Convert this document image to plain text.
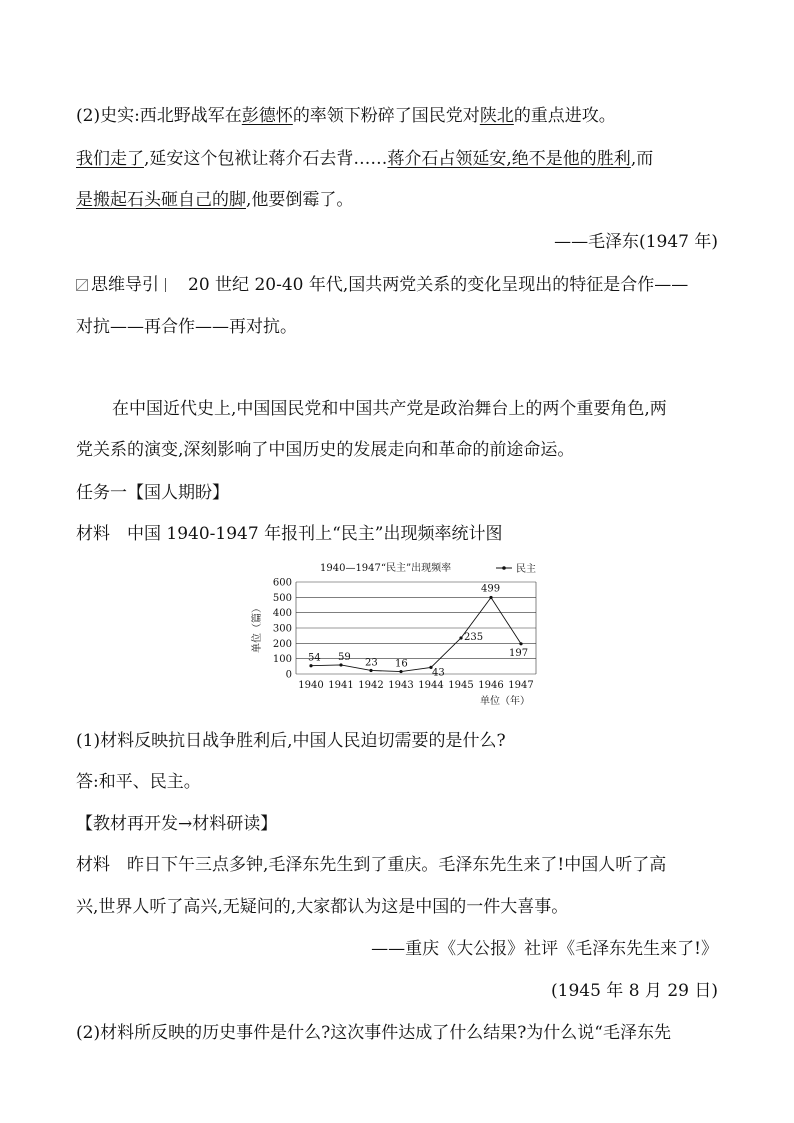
(2)史实:西北野战军在彭德怀的率领下粉碎了国民党对陕北的重点进攻。
我们走了,延安这个包袱让蒋介石去背……蒋介石占领延安,绝不是他的胜利,而
是搬起石头砸自己的脚,他要倒霉了。
——毛泽东(1947 年)
思维导引 20 世纪 20-40 年代,国共两党关系的变化呈现出的特征是合作——
对抗——再合作——再对抗。
在中国近代史上,中国国民党和中国共产党是政治舞台上的两个重要角色,两
党关系的演变,深刻影响了中国历史的发展走向和革命的前途命运。
任务一【国人期盼】
材料　中国 1940-1947 年报刊上“民主”出现频率统计图
1940—1947“民主”出现频率	民主
0
100
200
300
400
500
600
单位（篇）
1940 1941 1942 1943 1944 1945 1946 1947
单位（年）
54 59
23 16
43
235
499
197
(1)材料反映抗日战争胜利后,中国人民迫切需要的是什么?
答:和平、民主。
【教材再开发→材料研读】
材料　昨日下午三点多钟,毛泽东先生到了重庆。毛泽东先生来了!中国人听了高
兴,世界人听了高兴,无疑问的,大家都认为这是中国的一件大喜事。
——重庆《大公报》社评《毛泽东先生来了!》
(1945 年 8 月 29 日)
(2)材料所反映的历史事件是什么?这次事件达成了什么结果?为什么说“毛泽东先
